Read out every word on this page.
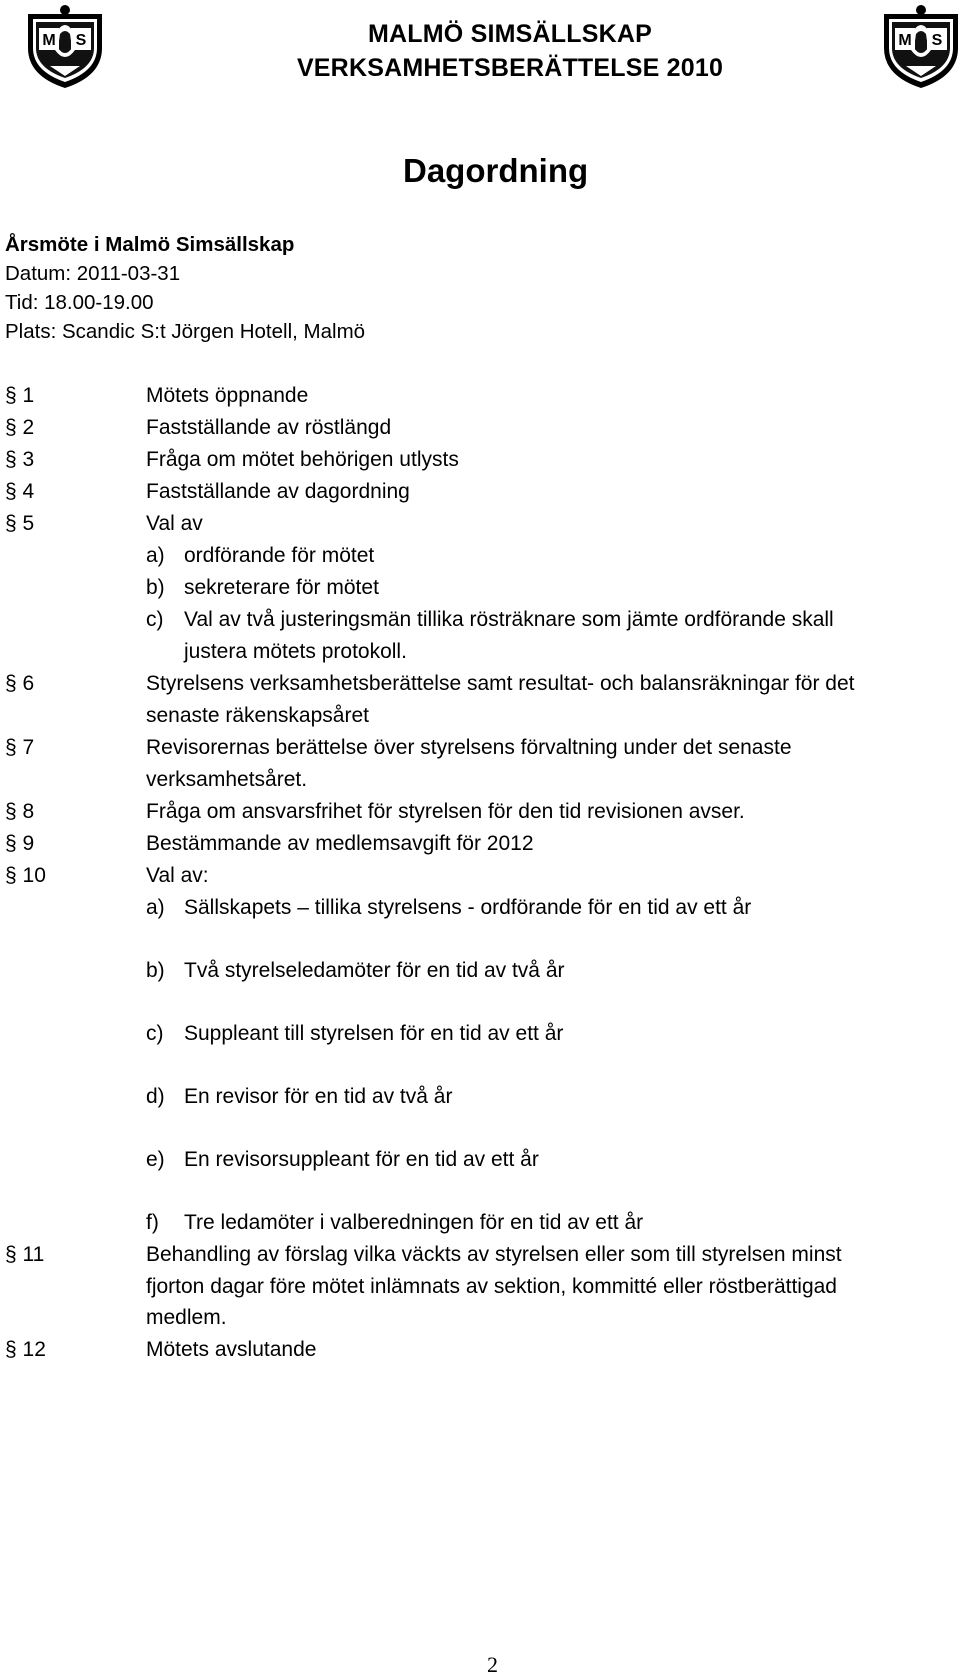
M S	M S
MALMÖ SIMSÄLLSKAP
VERKSAMHETSBERÄTTELSE 2010
Dagordning
Årsmöte i Malmö Simsällskap
Datum: 2011-03-31
Tid: 18.00-19.00
Plats: Scandic S:t Jörgen Hotell, Malmö
§ 1	Mötets öppnande
§ 2	Fastställande av röstlängd
§ 3	Fråga om mötet behörigen utlysts
§ 4	Fastställande av dagordning
§ 5	Val av
a) ordförande för mötet
b) sekreterare för mötet
c) Val av två justeringsmän tillika rösträknare som jämte ordförande skall
justera mötets protokoll.
§ 6	Styrelsens verksamhetsberättelse samt resultat- och balansräkningar för det
senaste räkenskapsåret
§ 7	Revisorernas berättelse över styrelsens förvaltning under det senaste
verksamhetsåret.
§ 8	Fråga om ansvarsfrihet för styrelsen för den tid revisionen avser.
§ 9	Bestämmande av medlemsavgift för 2012
§ 10	Val av:
a) Sällskapets – tillika styrelsens - ordförande för en tid av ett år
b) Två styrelseledamöter för en tid av två år
c) Suppleant till styrelsen för en tid av ett år
d) En revisor för en tid av två år
e) En revisorsuppleant för en tid av ett år
f)	Tre ledamöter i valberedningen för en tid av ett år
§ 11	Behandling av förslag vilka väckts av styrelsen eller som till styrelsen minst
fjorton dagar före mötet inlämnats av sektion, kommitté eller röstberättigad
medlem.
§ 12	Mötets avslutande
2
